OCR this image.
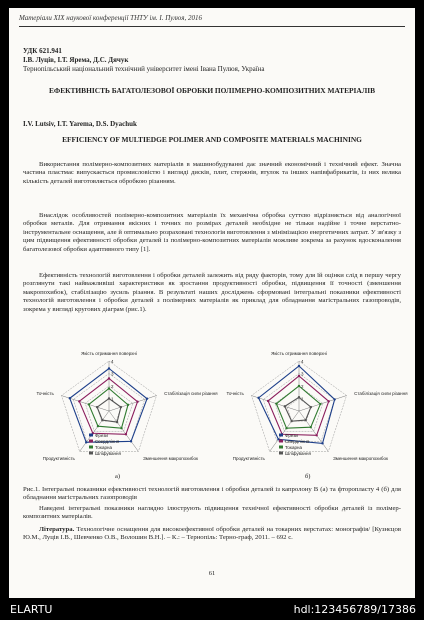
Матеріали XIX наукової конференції ТНТУ ім. І. Пулюя, 2016
УДК 621.941
І.В. Луців, І.Т. Ярема, Д.С. Дячук
Тернопільський національний технічний університет імені Івана Пулюя, Україна
ЕФЕКТИВНІСТЬ БАГАТОЛЕЗОВОЇ ОБРОБКИ ПОЛІМЕРНО-КОМПОЗИТНИХ МАТЕРІАЛІВ
I.V. Lutsiv, I.T. Yarema, D.S. Dyachuk
EFFICIENCY OF MULTIEDGE POLIMER AND COMPOSITE MATERIALS MACHINING
Використання полімерно-композитних матеріалів в машинобудуванні дає значний економічний і технічний ефект. Значна частина пластмас випускається промисловістю і вигляді дисків, плит, стержнів, втулок та інших напівфабрикатів, із них велика кількість деталей виготовляється обробкою різанням.
Внаслідок особливостей полімерно-композитних матеріалів їх механічна обробка суттєво відрізняється від аналогічної обробки металів. Для отримання якісних і точних по розмірах деталей необхідне не тільки надійне і точне верстатно-інструментальне оснащення, але й оптимально розраховані технологія виготовлення з мінімізацією енергетичних затрат. У зв'язку з цим підвищення ефективності обробки деталей із полімерно-композитних матеріалів можливе зокрема за рахунок вдосконалення багатолезової обробки адаптивного типу [1].
Ефективність технологій виготовлення і обробки деталей залежить від ряду факторів, тому для їй оцінки слід в першу чергу розглянути такі найважливіші характеристики як зростання продуктивності обробки, підвищення її точності (зменшення макропохибок), стабілізацію зусиль різання. В результаті наших досліджень сформовані інтегральні показники ефективності технологій виготовлення і обробки деталей з полімерних матеріалів як приклад для обладнання магістральних газопроводів, зокрема у вигляді кругових діаграм (рис.1).
Якість отримання поверхні
Стабілізація сили різання
Зменшення макропохибок
Продуктивність
Точність
1
2
3
4
Фрези
Свердління
Токарна
Шліфування
Якість отримання поверхні
Стабілізація сили різання
Зменшення макропохибок
Продуктивність
Точність
1
2
3
4
Фрези
Свердління
Токарна
Шліфування
а)	б)
Рис.1. Інтегральні показники ефективності технологій виготовлення і обробки деталей із капролону В (а) та фторопласту 4 (б) для обладнання магістральних газопроводів
Наведені інтегральні показники наглядно ілюструють підвищення технічної ефективності обробки деталей із полімер-композитних матеріалів.
Література. Технологічне оснащення для високоефективної обробки деталей на токарних верстатах: монографія/ [Кузнєцов Ю.М., Луців І.В., Шевченко О.В., Волошин В.Н.]. – К.: – Тернопіль: Терно-граф, 2011. – 692 с.
61
ELARTU	hdl:123456789/17386
